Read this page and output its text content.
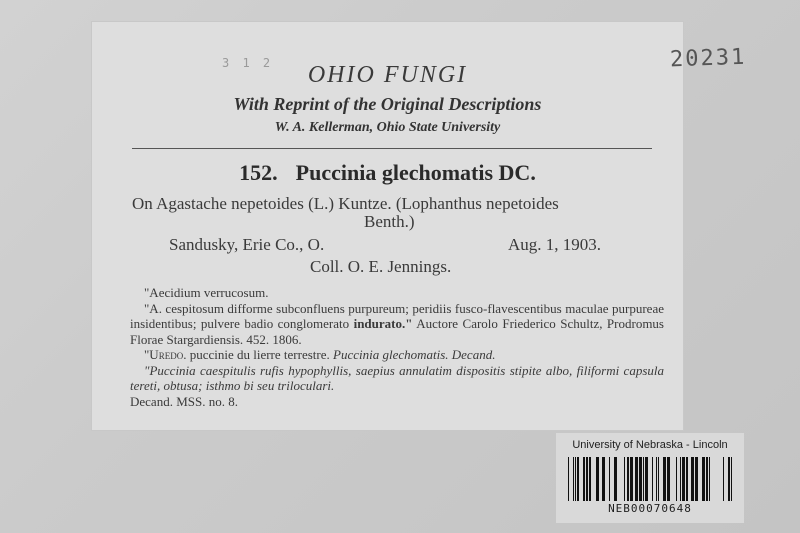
3 1 2	20231
OHIO FUNGI
With Reprint of the Original Descriptions
W. A. Kellerman, Ohio State University
152. Puccinia glechomatis DC.
On Agastache nepetoides (L.) Kuntze. (Lophanthus nepetoides
Benth.)
Sandusky, Erie Co., O.	Aug. 1, 1903.
Coll. O. E. Jennings.

"Aecidium verrucosum.

"A. cespitosum difforme subconfluens purpureum; peridiis fusco-flavescentibus maculae purpureae insidentibus; pulvere badio conglomerato indurato." Auctore Carolo Friederico Schultz, Prodromus Florae Stargardiensis. 452. 1806.

"Uredo. puccinie du lierre terrestre. Puccinia glechomatis. Decand.

"Puccinia caespitulis rufis hypophyllis, saepius annulatim dispositis stipite albo, filiformi capsula tereti, obtusa; isthmo bi seu triloculari.

Decand. MSS. no. 8.

University of Nebraska - Lincoln
NEB00070648
